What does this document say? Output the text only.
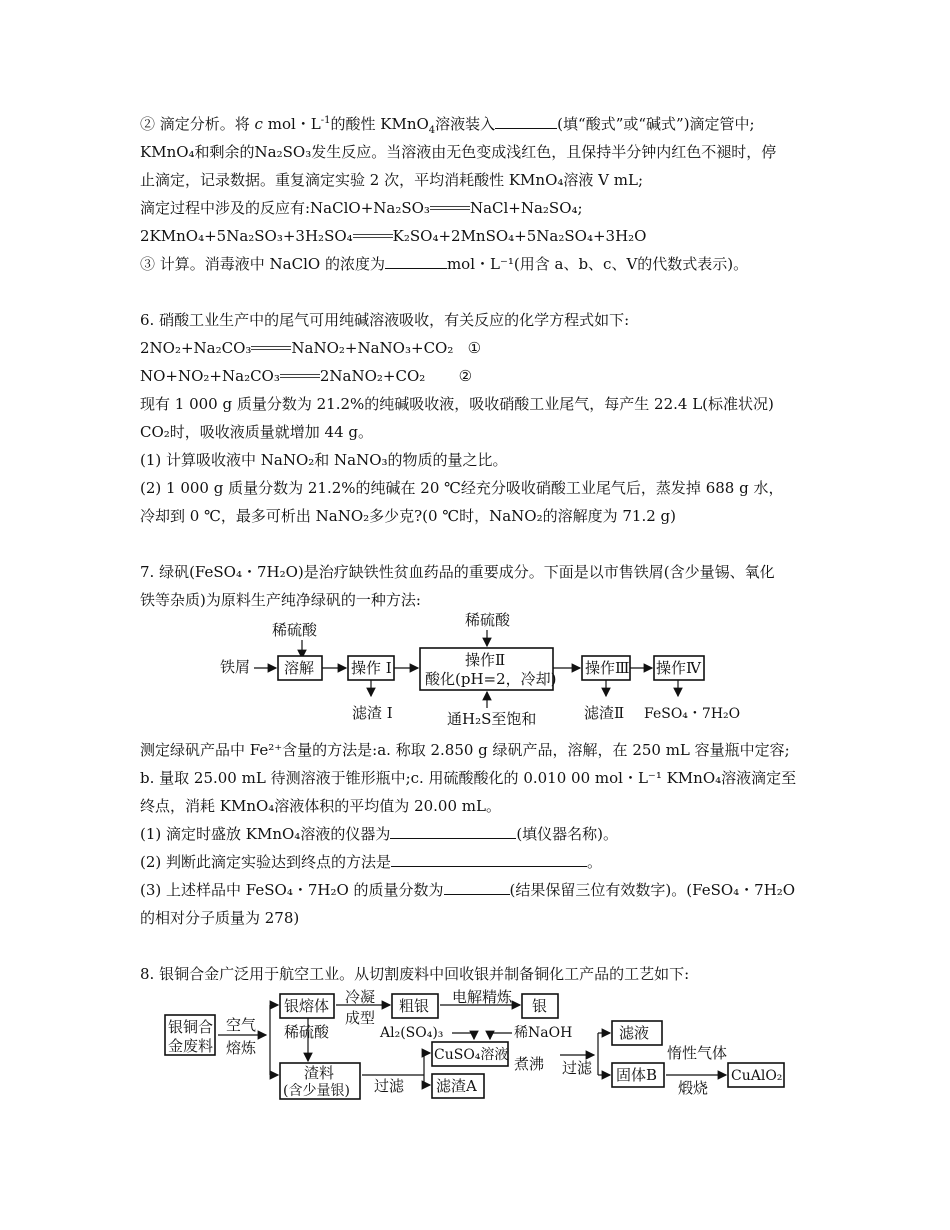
② 滴定分析。将 c mol・$L^{-1}$的酸性 KMnO$_4$溶液装入	(填“酸式”或“碱式”)滴定管中;
KMnO₄和剩余的Na₂SO₃发生反应。当溶液由无色变成浅红色，且保持半分钟内红色不褪时，停
止滴定，记录数据。重复滴定实验 2 次，平均消耗酸性 KMnO₄溶液 V mL;
滴定过程中涉及的反应有:NaClO+Na₂SO₃	NaCl+Na₂SO₄;
2KMnO₄+5Na₂SO₃+3H₂SO₄	K₂SO₄+2MnSO₄+5Na₂SO₄+3H₂O
③ 计算。消毒液中 NaClO 的浓度为	mol・L⁻¹(用含 a、b、c、V的代数式表示)。
6. 硝酸工业生产中的尾气可用纯碱溶液吸收，有关反应的化学方程式如下:
2NO₂+Na₂CO₃	NaNO₂+NaNO₃+CO₂ ①
NO+NO₂+Na₂CO₃	2NaNO₂+CO₂ ②
现有 1 000 g 质量分数为 21.2%的纯碱吸收液，吸收硝酸工业尾气，每产生 22.4 L(标准状况)
CO₂时，吸收液质量就增加 44 g。
(1) 计算吸收液中 NaNO₂和 NaNO₃的物质的量之比。
(2) 1 000 g 质量分数为 21.2%的纯碱在 20 ℃经充分吸收硝酸工业尾气后，蒸发掉 688 g 水，
冷却到 0 ℃，最多可析出 NaNO₂多少克?(0 ℃时，NaNO₂的溶解度为 71.2 g)
7. 绿矾(FeSO₄・7H₂O)是治疗缺铁性贫血药品的重要成分。下面是以市售铁屑(含少量锡、氧化
铁等杂质)为原料生产纯净绿矾的一种方法:
稀硫酸
铁屑 溶解 操作 I
滤渣 I
稀硫酸
操作Ⅱ
酸化(pH=2，冷却)
通H₂S至饱和
操作Ⅲ
滤渣Ⅱ
操作Ⅳ
FeSO₄・7H₂O
测定绿矾产品中 Fe²⁺含量的方法是:a. 称取 2.850 g 绿矾产品，溶解，在 250 mL 容量瓶中定容;
b. 量取 25.00 mL 待测溶液于锥形瓶中;c. 用硫酸酸化的 0.010 00 mol・L⁻¹ KMnO₄溶液滴定至
终点，消耗 KMnO₄溶液体积的平均值为 20.00 mL。
(1) 滴定时盛放 KMnO₄溶液的仪器为	(填仪器名称)。
(2) 判断此滴定实验达到终点的方法是	。
(3) 上述样品中 FeSO₄・7H₂O 的质量分数为	(结果保留三位有效数字)。(FeSO₄・7H₂O
的相对分子质量为 278)
8. 银铜合金广泛用于航空工业。从切割废料中回收银并制备铜化工产品的工艺如下:
银铜合
金废料
空气
熔炼
银熔体 冷凝
成型
稀硫酸
粗银 电解精炼 银
渣料
(含少量银) 过滤
Al₂(SO₄)₃	稀NaOH
CuSO₄溶液
滤渣A
煮沸 过滤
滤液
固体B
惰性气体
煅烧
CuAlO₂
